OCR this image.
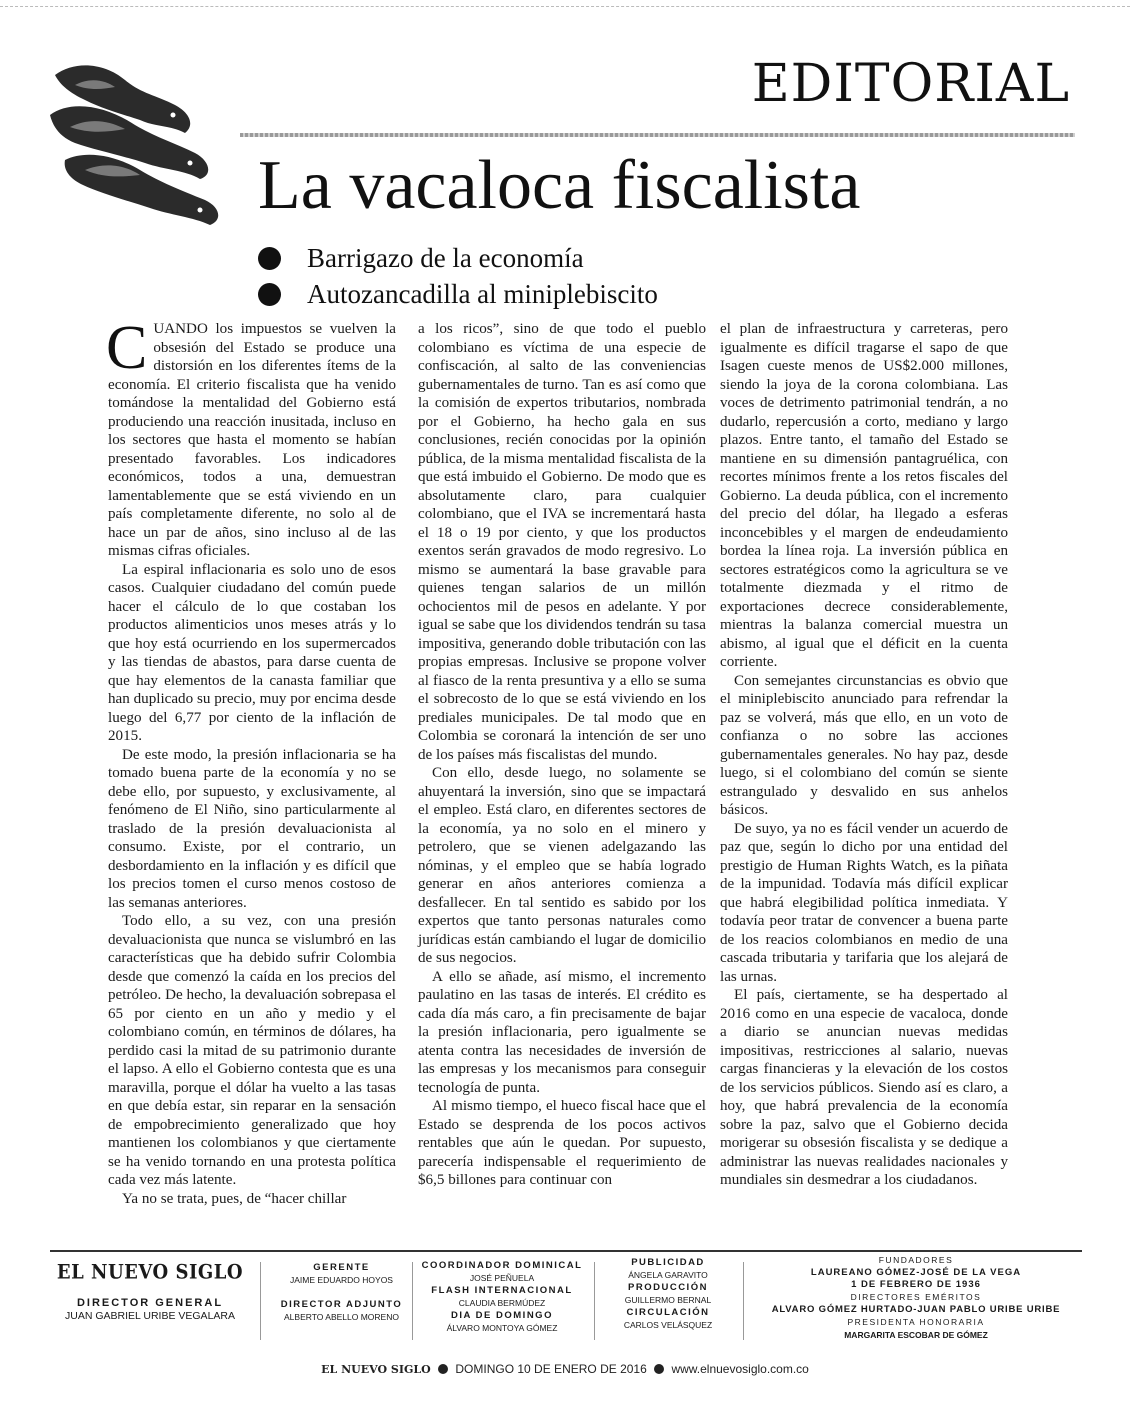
EDITORIAL
La vacaloca fiscalista
Barrigazo de la economía
Autozancadilla al miniplebiscito

CUANDO los impuestos se vuelven la obsesión del Estado se produce una distorsión en los diferentes ítems de la economía. El criterio fiscalista que ha venido tomándose la mentalidad del Gobierno está produciendo una reacción inusitada, incluso en los sectores que hasta el momento se habían presentado favorables. Los indicadores económicos, todos a una, demuestran lamentablemente que se está viviendo en un país completamente diferente, no solo al de hace un par de años, sino incluso al de las mismas cifras oficiales.

La espiral inflacionaria es solo uno de esos casos. Cualquier ciudadano del común puede hacer el cálculo de lo que costaban los productos alimenticios unos meses atrás y lo que hoy está ocurriendo en los supermercados y las tiendas de abastos, para darse cuenta de que hay elementos de la canasta familiar que han duplicado su precio, muy por encima desde luego del 6,77 por ciento de la inflación de 2015.

De este modo, la presión inflacionaria se ha tomado buena parte de la economía y no se debe ello, por supuesto, y exclusivamente, al fenómeno de El Niño, sino particularmente al traslado de la presión devaluacionista al consumo. Existe, por el contrario, un desbordamiento en la inflación y es difícil que los precios tomen el curso menos costoso de las semanas anteriores.

Todo ello, a su vez, con una presión devaluacionista que nunca se vislumbró en las características que ha debido sufrir Colombia desde que comenzó la caída en los precios del petróleo. De hecho, la devaluación sobrepasa el 65 por ciento en un año y medio y el colombiano común, en términos de dólares, ha perdido casi la mitad de su patrimonio durante el lapso. A ello el Gobierno contesta que es una maravilla, porque el dólar ha vuelto a las tasas en que debía estar, sin reparar en la sensación de empobrecimiento generalizado que hoy mantienen los colombianos y que ciertamente se ha venido tornando en una protesta política cada vez más latente.

Ya no se trata, pues, de “hacer chillar

a los ricos”, sino de que todo el pueblo colombiano es víctima de una especie de confiscación, al salto de las conveniencias gubernamentales de turno. Tan es así como que la comisión de expertos tributarios, nombrada por el Gobierno, ha hecho gala en sus conclusiones, recién conocidas por la opinión pública, de la misma mentalidad fiscalista de la que está imbuido el Gobierno. De modo que es absolutamente claro, para cualquier colombiano, que el IVA se incrementará hasta el 18 o 19 por ciento, y que los productos exentos serán gravados de modo regresivo. Lo mismo se aumentará la base gravable para quienes tengan salarios de un millón ochocientos mil de pesos en adelante. Y por igual se sabe que los dividendos tendrán su tasa impositiva, generando doble tributación con las propias empresas. Inclusive se propone volver al fiasco de la renta presuntiva y a ello se suma el sobrecosto de lo que se está viviendo en los prediales municipales. De tal modo que en Colombia se coronará la intención de ser uno de los países más fiscalistas del mundo.

Con ello, desde luego, no solamente se ahuyentará la inversión, sino que se impactará el empleo. Está claro, en diferentes sectores de la economía, ya no solo en el minero y petrolero, que se vienen adelgazando las nóminas, y el empleo que se había logrado generar en años anteriores comienza a desfallecer. En tal sentido es sabido por los expertos que tanto personas naturales como jurídicas están cambiando el lugar de domicilio de sus negocios.

A ello se añade, así mismo, el incremento paulatino en las tasas de interés. El crédito es cada día más caro, a fin precisamente de bajar la presión inflacionaria, pero igualmente se atenta contra las necesidades de inversión de las empresas y los mecanismos para conseguir tecnología de punta.

Al mismo tiempo, el hueco fiscal hace que el Estado se desprenda de los pocos activos rentables que aún le quedan. Por supuesto, parecería indispensable el requerimiento de $6,5 billones para continuar con

el plan de infraestructura y carreteras, pero igualmente es difícil tragarse el sapo de que Isagen cueste menos de US$2.000 millones, siendo la joya de la corona colombiana. Las voces de detrimento patrimonial tendrán, a no dudarlo, repercusión a corto, mediano y largo plazos. Entre tanto, el tamaño del Estado se mantiene en su dimensión pantagruélica, con recortes mínimos frente a los retos fiscales del Gobierno. La deuda pública, con el incremento del precio del dólar, ha llegado a esferas inconcebibles y el margen de endeudamiento bordea la línea roja. La inversión pública en sectores estratégicos como la agricultura se ve totalmente diezmada y el ritmo de exportaciones decrece considerablemente, mientras la balanza comercial muestra un abismo, al igual que el déficit en la cuenta corriente.

Con semejantes circunstancias es obvio que el miniplebiscito anunciado para refrendar la paz se volverá, más que ello, en un voto de confianza o no sobre las acciones gubernamentales generales. No hay paz, desde luego, si el colombiano del común se siente estrangulado y desvalido en sus anhelos básicos.

De suyo, ya no es fácil vender un acuerdo de paz que, según lo dicho por una entidad del prestigio de Human Rights Watch, es la piñata de la impunidad. Todavía más difícil explicar que habrá elegibilidad política inmediata. Y todavía peor tratar de convencer a buena parte de los reacios colombianos en medio de una cascada tributaria y tarifaria que los alejará de las urnas.

El país, ciertamente, se ha despertado al 2016 como en una especie de vacaloca, donde a diario se anuncian nuevas medidas impositivas, restricciones al salario, nuevas cargas financieras y la elevación de los costos de los servicios públicos. Siendo así es claro, a hoy, que habrá prevalencia de la economía sobre la paz, salvo que el Gobierno decida morigerar su obsesión fiscalista y se dedique a administrar las nuevas realidades nacionales y mundiales sin desmedrar a los ciudadanos.

EL NUEVO SIGLO
DIRECTOR GENERAL
JUAN GABRIEL URIBE VEGALARA
GERENTE
JAIME EDUARDO HOYOS
DIRECTOR ADJUNTO
ALBERTO ABELLO MORENO
COORDINADOR DOMINICAL
JOSÉ PEÑUELA
FLASH INTERNACIONAL
CLAUDIA BERMÚDEZ
DIA DE DOMINGO
ÁLVARO MONTOYA GÓMEZ
PUBLICIDAD
ÁNGELA GARAVITO
PRODUCCIÓN
GUILLERMO BERNAL
CIRCULACIÓN
CARLOS VELÁSQUEZ
FUNDADORES
LAUREANO GÓMEZ-JOSÉ DE LA VEGA
1 DE FEBRERO DE 1936
DIRECTORES EMÉRITOS
ALVARO GÓMEZ HURTADO-JUAN PABLO URIBE URIBE
PRESIDENTA HONORARIA
MARGARITA ESCOBAR DE GÓMEZ
EL NUEVO SIGLO DOMINGO 10 DE ENERO DE 2016 www.elnuevosiglo.com.co
